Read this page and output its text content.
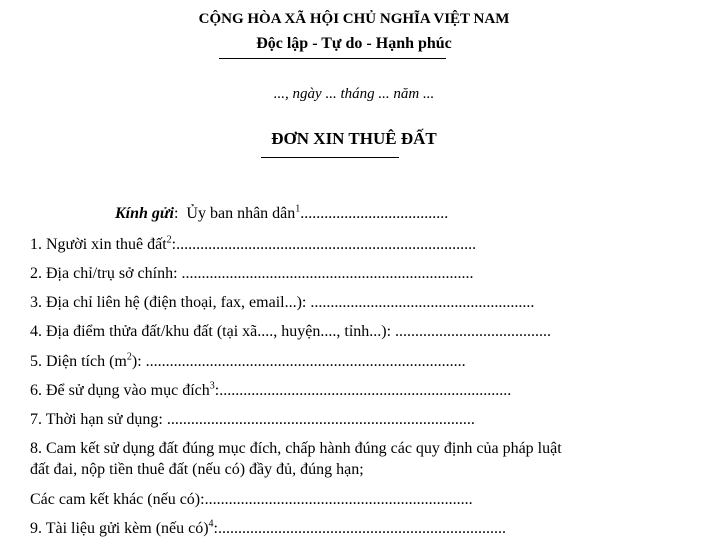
CỘNG HÒA XÃ HỘI CHỦ NGHĨA VIỆT NAM
Độc lập - Tự do - Hạnh phúc
..., ngày ... tháng ... năm ...
ĐƠN XIN THUÊ ĐẤT
Kính gửi: Ủy ban nhân dân$^1$.....................................
1. Người xin thuê đất$^2$:...........................................................................
2. Địa chỉ/trụ sở chính: .........................................................................
3. Địa chỉ liên hệ (điện thoại, fax, email...): ........................................................
4. Địa điểm thửa đất/khu đất (tại xã...., huyện...., tỉnh...): .......................................
5. Diện tích $(m^2)$: ................................................................................
6. Để sử dụng vào mục đích$^3$:.........................................................................
7. Thời hạn sử dụng: .............................................................................
8. Cam kết sử dụng đất đúng mục đích, chấp hành đúng các quy định của pháp luật
đất đai, nộp tiền thuê đất (nếu có) đầy đủ, đúng hạn;
Các cam kết khác (nếu có):...................................................................
9. Tài liệu gửi kèm (nếu có)$^4$:........................................................................
